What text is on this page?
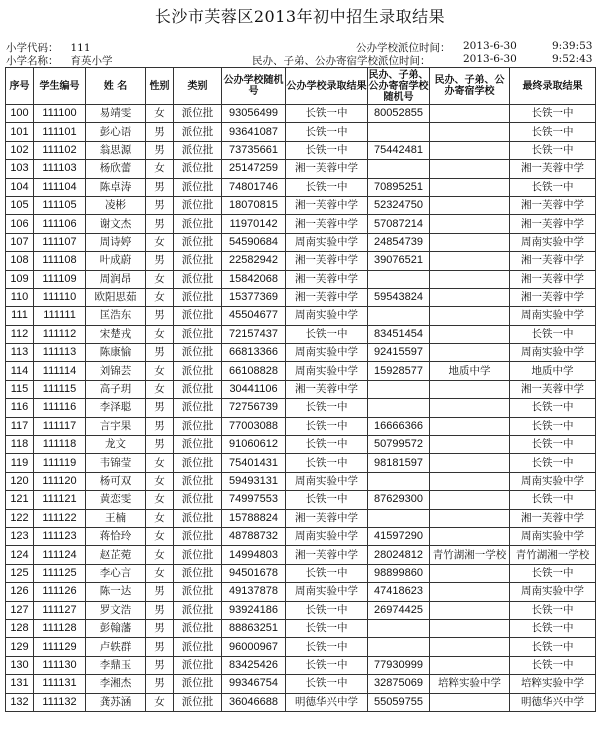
长沙市芙蓉区2013年初中招生录取结果
小学代码： 111
小学名称： 育英小学
公办学校派位时间： 2013-6-30	9:39:53
民办、子弟、公办寄宿学校派位时间：	2013-6-30	9:52:43
序号	学生编号	姓 名	性别	类别	公办学校随机号	公办学校录取结果	民办、子弟、公办寄宿学校随机号	民办、子弟、公办寄宿学校	最终录取结果
100	111100	易靖雯	女	派位批	93056499	长铁一中	80052855		长铁一中
101	111101	彭心语	男	派位批	93641087	长铁一中			长铁一中
102	111102	翁思源	男	派位批	73735661	长铁一中	75442481		长铁一中
103	111103	杨欣蕾	女	派位批	25147259	湘一芙蓉中学			湘一芙蓉中学
104	111104	陈卓涛	男	派位批	74801746	长铁一中	70895251		长铁一中
105	111105	凌彬	男	派位批	18070815	湘一芙蓉中学	52324750		湘一芙蓉中学
106	111106	谢文杰	男	派位批	11970142	湘一芙蓉中学	57087214		湘一芙蓉中学
107	111107	周诗婷	女	派位批	54590684	周南实验中学	24854739		周南实验中学
108	111108	叶成蔚	男	派位批	22582942	湘一芙蓉中学	39076521		湘一芙蓉中学
109	111109	周润昂	女	派位批	15842068	湘一芙蓉中学			湘一芙蓉中学
110	111110	欧阳思茹	女	派位批	15377369	湘一芙蓉中学	59543824		湘一芙蓉中学
111	111111	匡浩东	男	派位批	45504677	周南实验中学			周南实验中学
112	111112	宋楚戎	女	派位批	72157437	长铁一中	83451454		长铁一中
113	111113	陈康愉	男	派位批	66813366	周南实验中学	92415597		周南实验中学
114	111114	刘锦芸	女	派位批	66108828	周南实验中学	15928577	地质中学	地质中学
115	111115	高子玥	女	派位批	30441106	湘一芙蓉中学			湘一芙蓉中学
116	111116	李泽聪	男	派位批	72756739	长铁一中			长铁一中
117	111117	言宇果	男	派位批	77003088	长铁一中	16666366		长铁一中
118	111118	龙文	男	派位批	91060612	长铁一中	50799572		长铁一中
119	111119	韦锦莹	女	派位批	75401431	长铁一中	98181597		长铁一中
120	111120	杨可双	女	派位批	59493131	周南实验中学			周南实验中学
121	111121	黄恋雯	女	派位批	74997553	长铁一中	87629300		长铁一中
122	111122	王楠	女	派位批	15788824	湘一芙蓉中学			湘一芙蓉中学
123	111123	蒋恰玲	女	派位批	48788732	周南实验中学	41597290		周南实验中学
124	111124	赵芷菀	女	派位批	14994803	湘一芙蓉中学	28024812	青竹湖湘一学校	青竹湖湘一学校
125	111125	李心言	女	派位批	94501678	长铁一中	98899860		长铁一中
126	111126	陈一达	男	派位批	49137878	周南实验中学	47418623		周南实验中学
127	111127	罗文浩	男	派位批	93924186	长铁一中	26974425		长铁一中
128	111128	彭翰藩	男	派位批	88863251	长铁一中			长铁一中
129	111129	卢轶群	男	派位批	96000967	长铁一中			长铁一中
130	111130	李鼎玉	男	派位批	83425426	长铁一中	77930999		长铁一中
131	111131	李湘杰	男	派位批	99346754	长铁一中	32875069	培粹实验中学	培粹实验中学
132	111132	龚苏涵	女	派位批	36046688	明德华兴中学	55059755		明德华兴中学
